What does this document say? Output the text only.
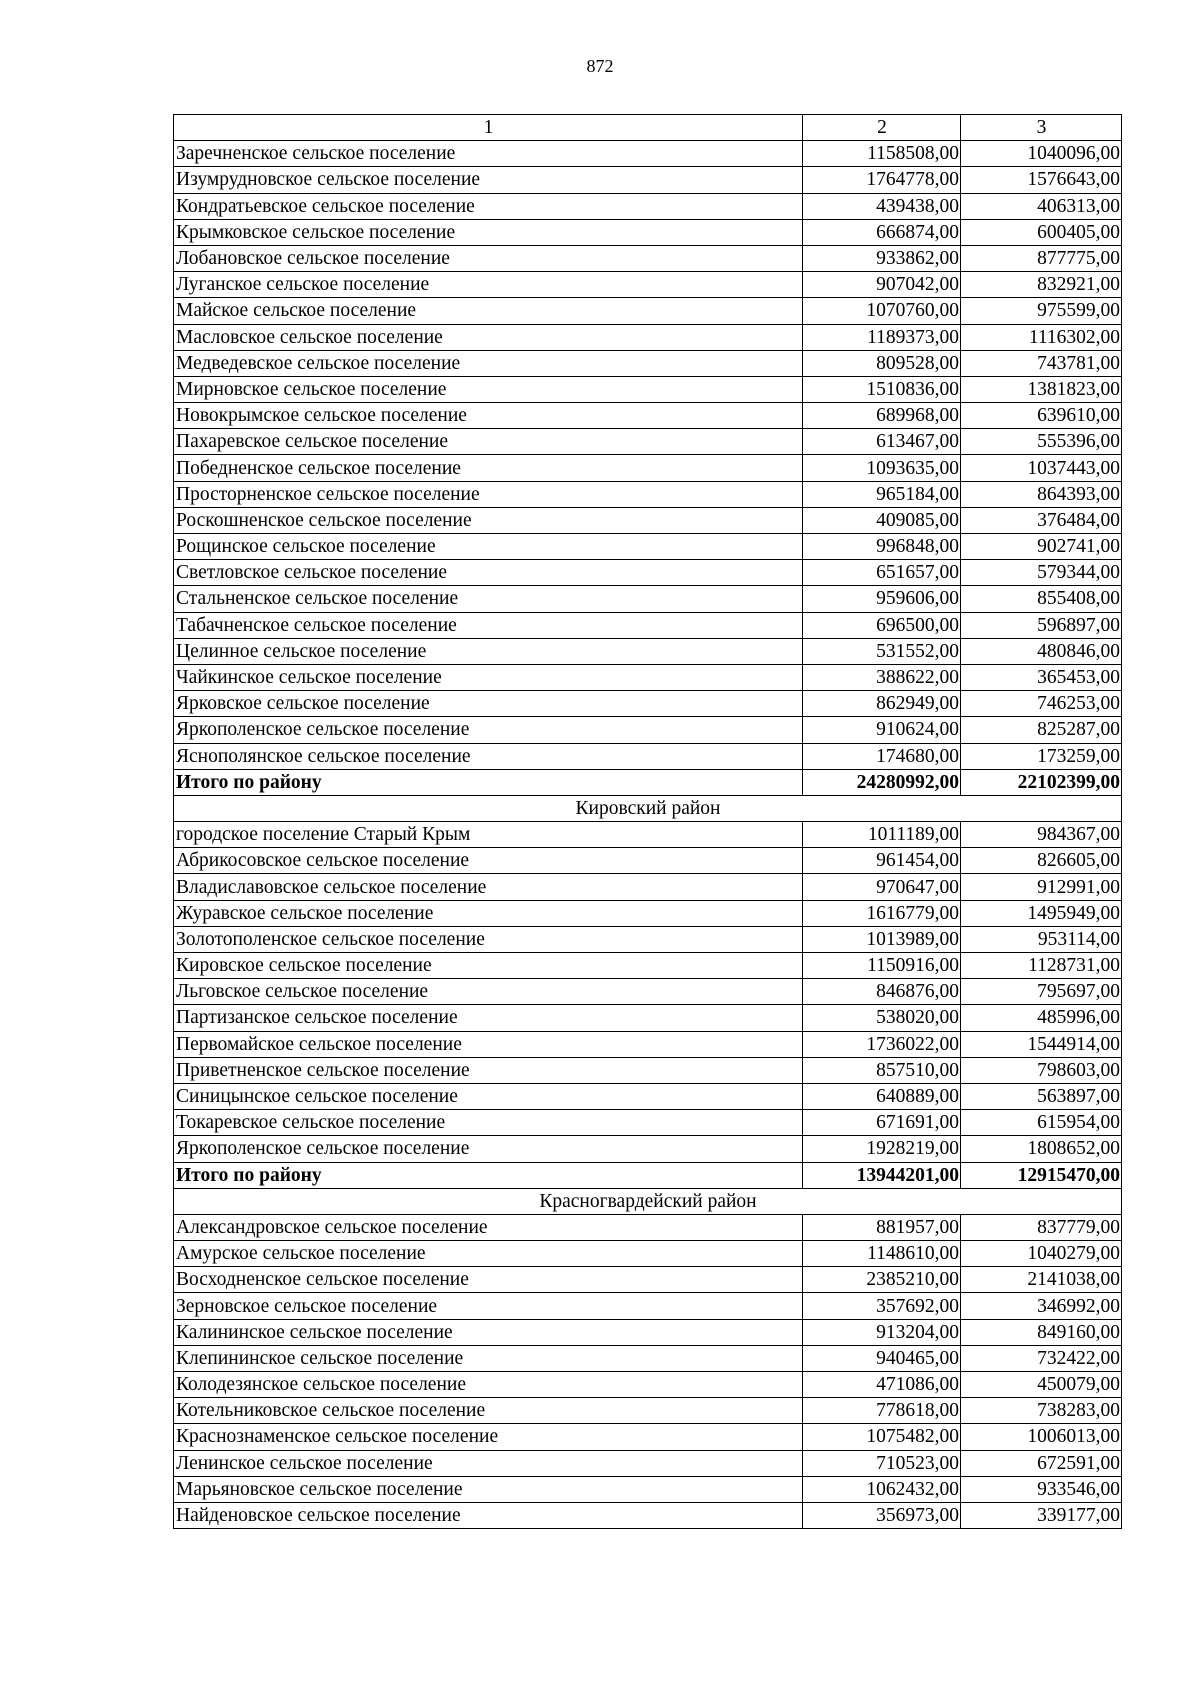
872
1	2	3
Заречненское сельское поселение	1158508,00	1040096,00
Изумрудновское сельское поселение	1764778,00	1576643,00
Кондратьевское сельское поселение	439438,00	406313,00
Крымковское сельское поселение	666874,00	600405,00
Лобановское сельское поселение	933862,00	877775,00
Луганское сельское поселение	907042,00	832921,00
Майское сельское поселение	1070760,00	975599,00
Масловское сельское поселение	1189373,00	1116302,00
Медведевское сельское поселение	809528,00	743781,00
Мирновское сельское поселение	1510836,00	1381823,00
Новокрымское сельское поселение	689968,00	639610,00
Пахаревское сельское поселение	613467,00	555396,00
Победненское сельское поселение	1093635,00	1037443,00
Просторненское сельское поселение	965184,00	864393,00
Роскошненское сельское поселение	409085,00	376484,00
Рощинское сельское поселение	996848,00	902741,00
Светловское сельское поселение	651657,00	579344,00
Стальненское сельское поселение	959606,00	855408,00
Табачненское сельское поселение	696500,00	596897,00
Целинное сельское поселение	531552,00	480846,00
Чайкинское сельское поселение	388622,00	365453,00
Ярковское сельское поселение	862949,00	746253,00
Яркополенское сельское поселение	910624,00	825287,00
Яснополянское сельское поселение	174680,00	173259,00
Итого по району	24280992,00	22102399,00
Кировский район		
городское поселение Старый Крым	1011189,00	984367,00
Абрикосовское сельское поселение	961454,00	826605,00
Владиславовское сельское поселение	970647,00	912991,00
Журавское сельское поселение	1616779,00	1495949,00
Золотополенское сельское поселение	1013989,00	953114,00
Кировское сельское поселение	1150916,00	1128731,00
Льговское сельское поселение	846876,00	795697,00
Партизанское сельское поселение	538020,00	485996,00
Первомайское сельское поселение	1736022,00	1544914,00
Приветненское сельское поселение	857510,00	798603,00
Синицынское сельское поселение	640889,00	563897,00
Токаревское сельское поселение	671691,00	615954,00
Яркополенское сельское поселение	1928219,00	1808652,00
Итого по району	13944201,00	12915470,00
Красногвардейский район		
Александровское сельское поселение	881957,00	837779,00
Амурское сельское поселение	1148610,00	1040279,00
Восходненское сельское поселение	2385210,00	2141038,00
Зерновское сельское поселение	357692,00	346992,00
Калининское сельское поселение	913204,00	849160,00
Клепининское сельское поселение	940465,00	732422,00
Колодезянское сельское поселение	471086,00	450079,00
Котельниковское сельское поселение	778618,00	738283,00
Краснознаменское сельское поселение	1075482,00	1006013,00
Ленинское сельское поселение	710523,00	672591,00
Марьяновское сельское поселение	1062432,00	933546,00
Найденовское сельское поселение	356973,00	339177,00
